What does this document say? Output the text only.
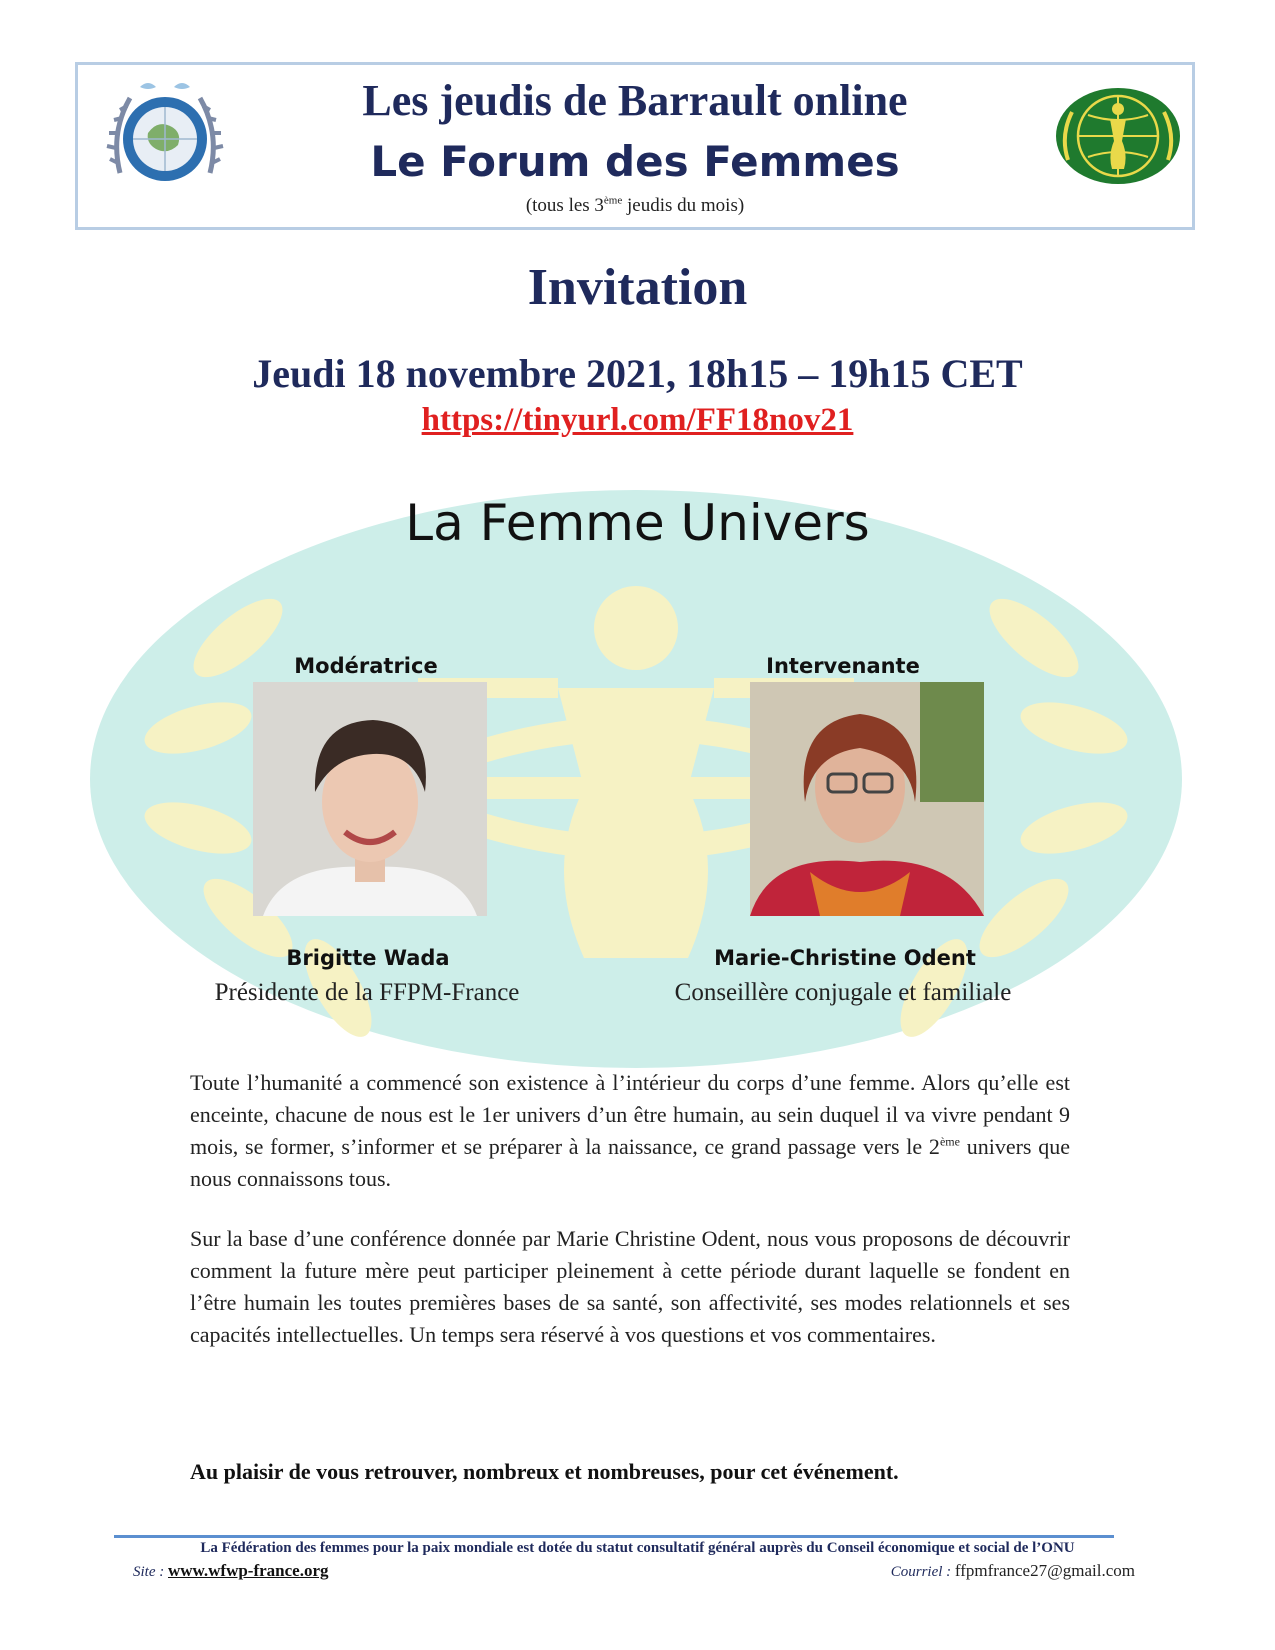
Les jeudis de Barrault online
Le Forum des Femmes
(tous les 3ème jeudis du mois)
Invitation
Jeudi 18 novembre 2021, 18h15 – 19h15 CET
https://tinyurl.com/FF18nov21
La Femme Univers
Modératrice
Brigitte Wada
Présidente de la FFPM-France
Intervenante
Marie-Christine Odent
Conseillère conjugale et familiale
Toute l’humanité a commencé son existence à l’intérieur du corps d’une femme. Alors qu’elle est enceinte, chacune de nous est le 1er univers d’un être humain, au sein duquel il va vivre pendant 9 mois, se former, s’informer et se préparer à la naissance, ce grand passage vers le 2ème univers que nous connaissons tous.
Sur la base d’une conférence donnée par Marie Christine Odent, nous vous proposons de découvrir comment la future mère peut participer pleinement à cette période durant laquelle se fondent en l’être humain les toutes premières bases de sa santé, son affectivité, ses modes relationnels et ses capacités intellectuelles. Un temps sera réservé à vos questions et vos commentaires.
Au plaisir de vous retrouver, nombreux et nombreuses, pour cet événement.
La Fédération des femmes pour la paix mondiale est dotée du statut consultatif général auprès du Conseil économique et social de l’ONU
Site : www.wfwp-france.org	Courriel : ffpmfrance27@gmail.com
